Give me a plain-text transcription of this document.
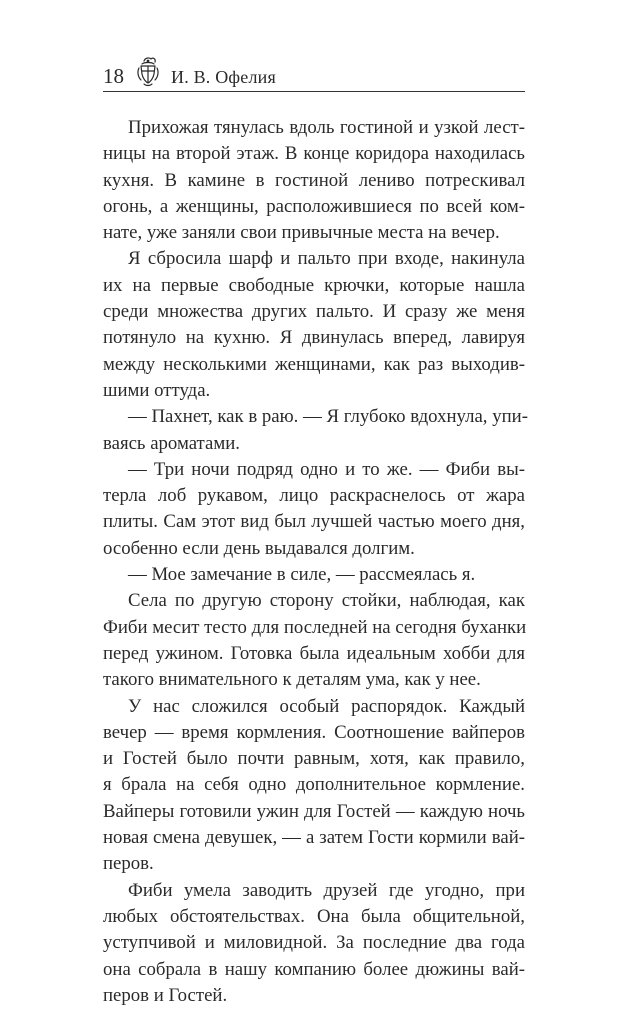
18	И. В. Офелия
Прихожая тянулась вдоль гостиной и узкой лест-
ницы на второй этаж. В конце коридора находилась
кухня. В камине в гостиной лениво потрескивал
огонь, а женщины, расположившиеся по всей ком-
нате, уже заняли свои привычные места на вечер.
Я сбросила шарф и пальто при входе, накинула
их на первые свободные крючки, которые нашла
среди множества других пальто. И сразу же меня
потянуло на кухню. Я двинулась вперед, лавируя
между несколькими женщинами, как раз выходив-
шими оттуда.
— Пахнет, как в раю. — Я глубоко вдохнула, упи-
ваясь ароматами.
— Три ночи подряд одно и то же. — Фиби вы-
терла лоб рукавом, лицо раскраснелось от жара
плиты. Сам этот вид был лучшей частью моего дня,
особенно если день выдавался долгим.
— Мое замечание в силе, — рассмеялась я.
Села по другую сторону стойки, наблюдая, как
Фиби месит тесто для последней на сегодня буханки
перед ужином. Готовка была идеальным хобби для
такого внимательного к деталям ума, как у нее.
У нас сложился особый распорядок. Каждый
вечер — время кормления. Соотношение вайперов
и Гостей было почти равным, хотя, как правило,
я брала на себя одно дополнительное кормление.
Вайперы готовили ужин для Гостей — каждую ночь
новая смена девушек, — а затем Гости кормили вай-
перов.
Фиби умела заводить друзей где угодно, при
любых обстоятельствах. Она была общительной,
уступчивой и миловидной. За последние два года
она собрала в нашу компанию более дюжины вай-
перов и Гостей.
